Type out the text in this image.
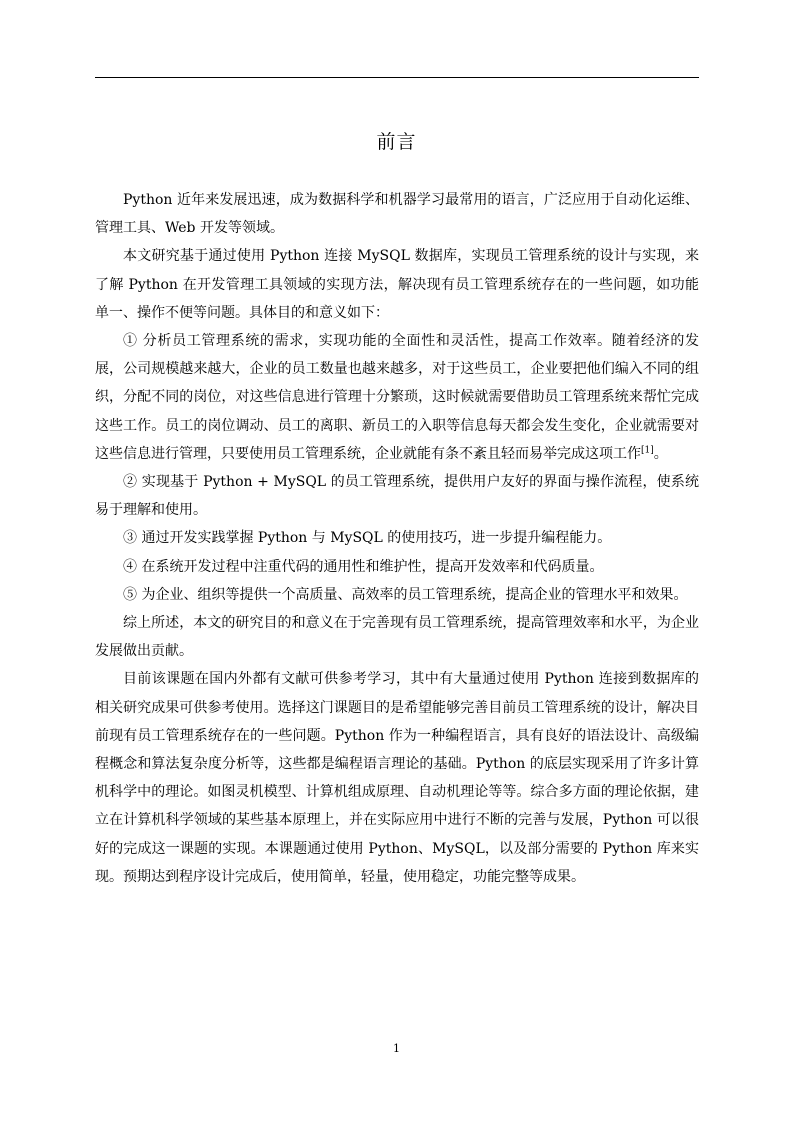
前言

Python 近年来发展迅速，成为数据科学和机器学习最常用的语言，广泛应用于自动化运维、管理工具、Web 开发等领域。

本文研究基于通过使用 Python 连接 MySQL 数据库，实现员工管理系统的设计与实现，来了解 Python 在开发管理工具领域的实现方法，解决现有员工管理系统存在的一些问题，如功能单一、操作不便等问题。具体目的和意义如下：

① 分析员工管理系统的需求，实现功能的全面性和灵活性，提高工作效率。随着经济的发展，公司规模越来越大，企业的员工数量也越来越多，对于这些员工，企业要把他们编入不同的组织，分配不同的岗位，对这些信息进行管理十分繁琐，这时候就需要借助员工管理系统来帮忙完成这些工作。员工的岗位调动、员工的离职、新员工的入职等信息每天都会发生变化，企业就需要对这些信息进行管理，只要使用员工管理系统，企业就能有条不紊且轻而易举完成这项工作[1]。

② 实现基于 Python + MySQL 的员工管理系统，提供用户友好的界面与操作流程，使系统易于理解和使用。

③ 通过开发实践掌握 Python 与 MySQL 的使用技巧，进一步提升编程能力。

④ 在系统开发过程中注重代码的通用性和维护性，提高开发效率和代码质量。

⑤ 为企业、组织等提供一个高质量、高效率的员工管理系统，提高企业的管理水平和效果。

综上所述，本文的研究目的和意义在于完善现有员工管理系统，提高管理效率和水平，为企业发展做出贡献。

目前该课题在国内外都有文献可供参考学习，其中有大量通过使用 Python 连接到数据库的相关研究成果可供参考使用。选择这门课题目的是希望能够完善目前员工管理系统的设计，解决目前现有员工管理系统存在的一些问题。Python 作为一种编程语言，具有良好的语法设计、高级编程概念和算法复杂度分析等，这些都是编程语言理论的基础。Python 的底层实现采用了许多计算机科学中的理论。如图灵机模型、计算机组成原理、自动机理论等等。综合多方面的理论依据，建立在计算机科学领域的某些基本原理上，并在实际应用中进行不断的完善与发展，Python 可以很好的完成这一课题的实现。本课题通过使用 Python、MySQL，以及部分需要的 Python 库来实现。预期达到程序设计完成后，使用简单，轻量，使用稳定，功能完整等成果。

1
